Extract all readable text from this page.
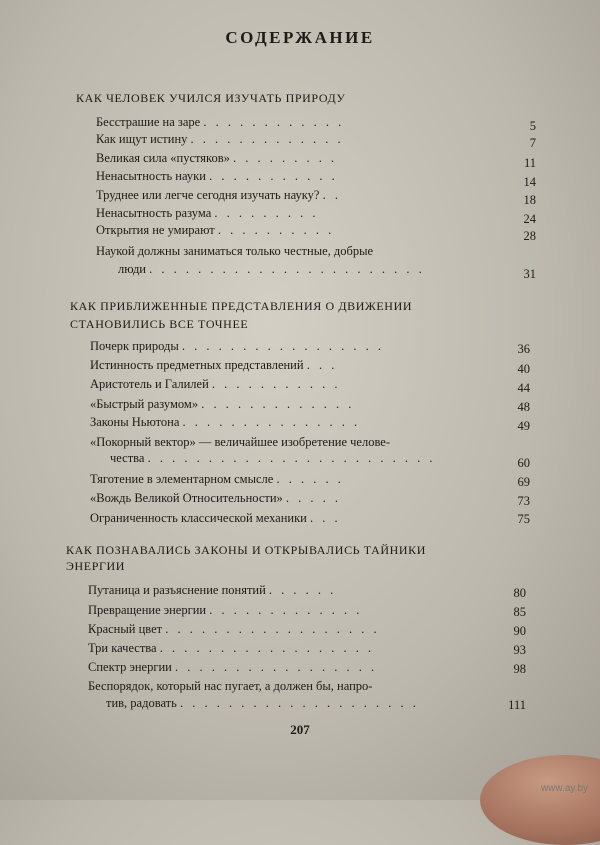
СОДЕРЖАНИЕ
КАК ЧЕЛОВЕК УЧИЛСЯ ИЗУЧАТЬ ПРИРОДУ
Бесстрашие на заре . . . . . . . . . . . .	5
Как ищут истину . . . . . . . . . . . . .	7
Великая сила «пустяков» . . . . . . . . .	11
Ненасытность науки . . . . . . . . . . .	14
Труднее или легче сегодня изучать науку? . .	18
Ненасытность разума . . . . . . . . .	24
Открытия не умирают . . . . . . . . . .	28
Наукой должны заниматься только честные, добрые
люди . . . . . . . . . . . . . . . . . . . . . . .	31
КАК ПРИБЛИЖЕННЫЕ ПРЕДСТАВЛЕНИЯ О ДВИЖЕНИИ
СТАНОВИЛИСЬ ВСЕ ТОЧНЕЕ
Почерк природы . . . . . . . . . . . . . . . . .	36
Истинность предметных представлений . . .	40
Аристотель и Галилей . . . . . . . . . . .	44
«Быстрый разумом» . . . . . . . . . . . . .	48
Законы Ньютона . . . . . . . . . . . . . . .	49
«Покорный вектор» — величайшее изобретение челове-
чества . . . . . . . . . . . . . . . . . . . . . . . .	60
Тяготение в элементарном смысле . . . . . .	69
«Вождь Великой Относительности» . . . . .	73
Ограниченность классической механики . . .	75
КАК ПОЗНАВАЛИСЬ ЗАКОНЫ И ОТКРЫВАЛИСЬ ТАЙНИКИ
ЭНЕРГИИ
Путаница и разъяснение понятий . . . . . .	80
Превращение энергии . . . . . . . . . . . . .	85
Красный цвет . . . . . . . . . . . . . . . . . .	90
Три качества . . . . . . . . . . . . . . . . . .	93
Спектр энергии . . . . . . . . . . . . . . . . .	98
Беспорядок, который нас пугает, а должен бы, напро-
тив, радовать . . . . . . . . . . . . . . . . . . . .	111
207
www.ay.by
